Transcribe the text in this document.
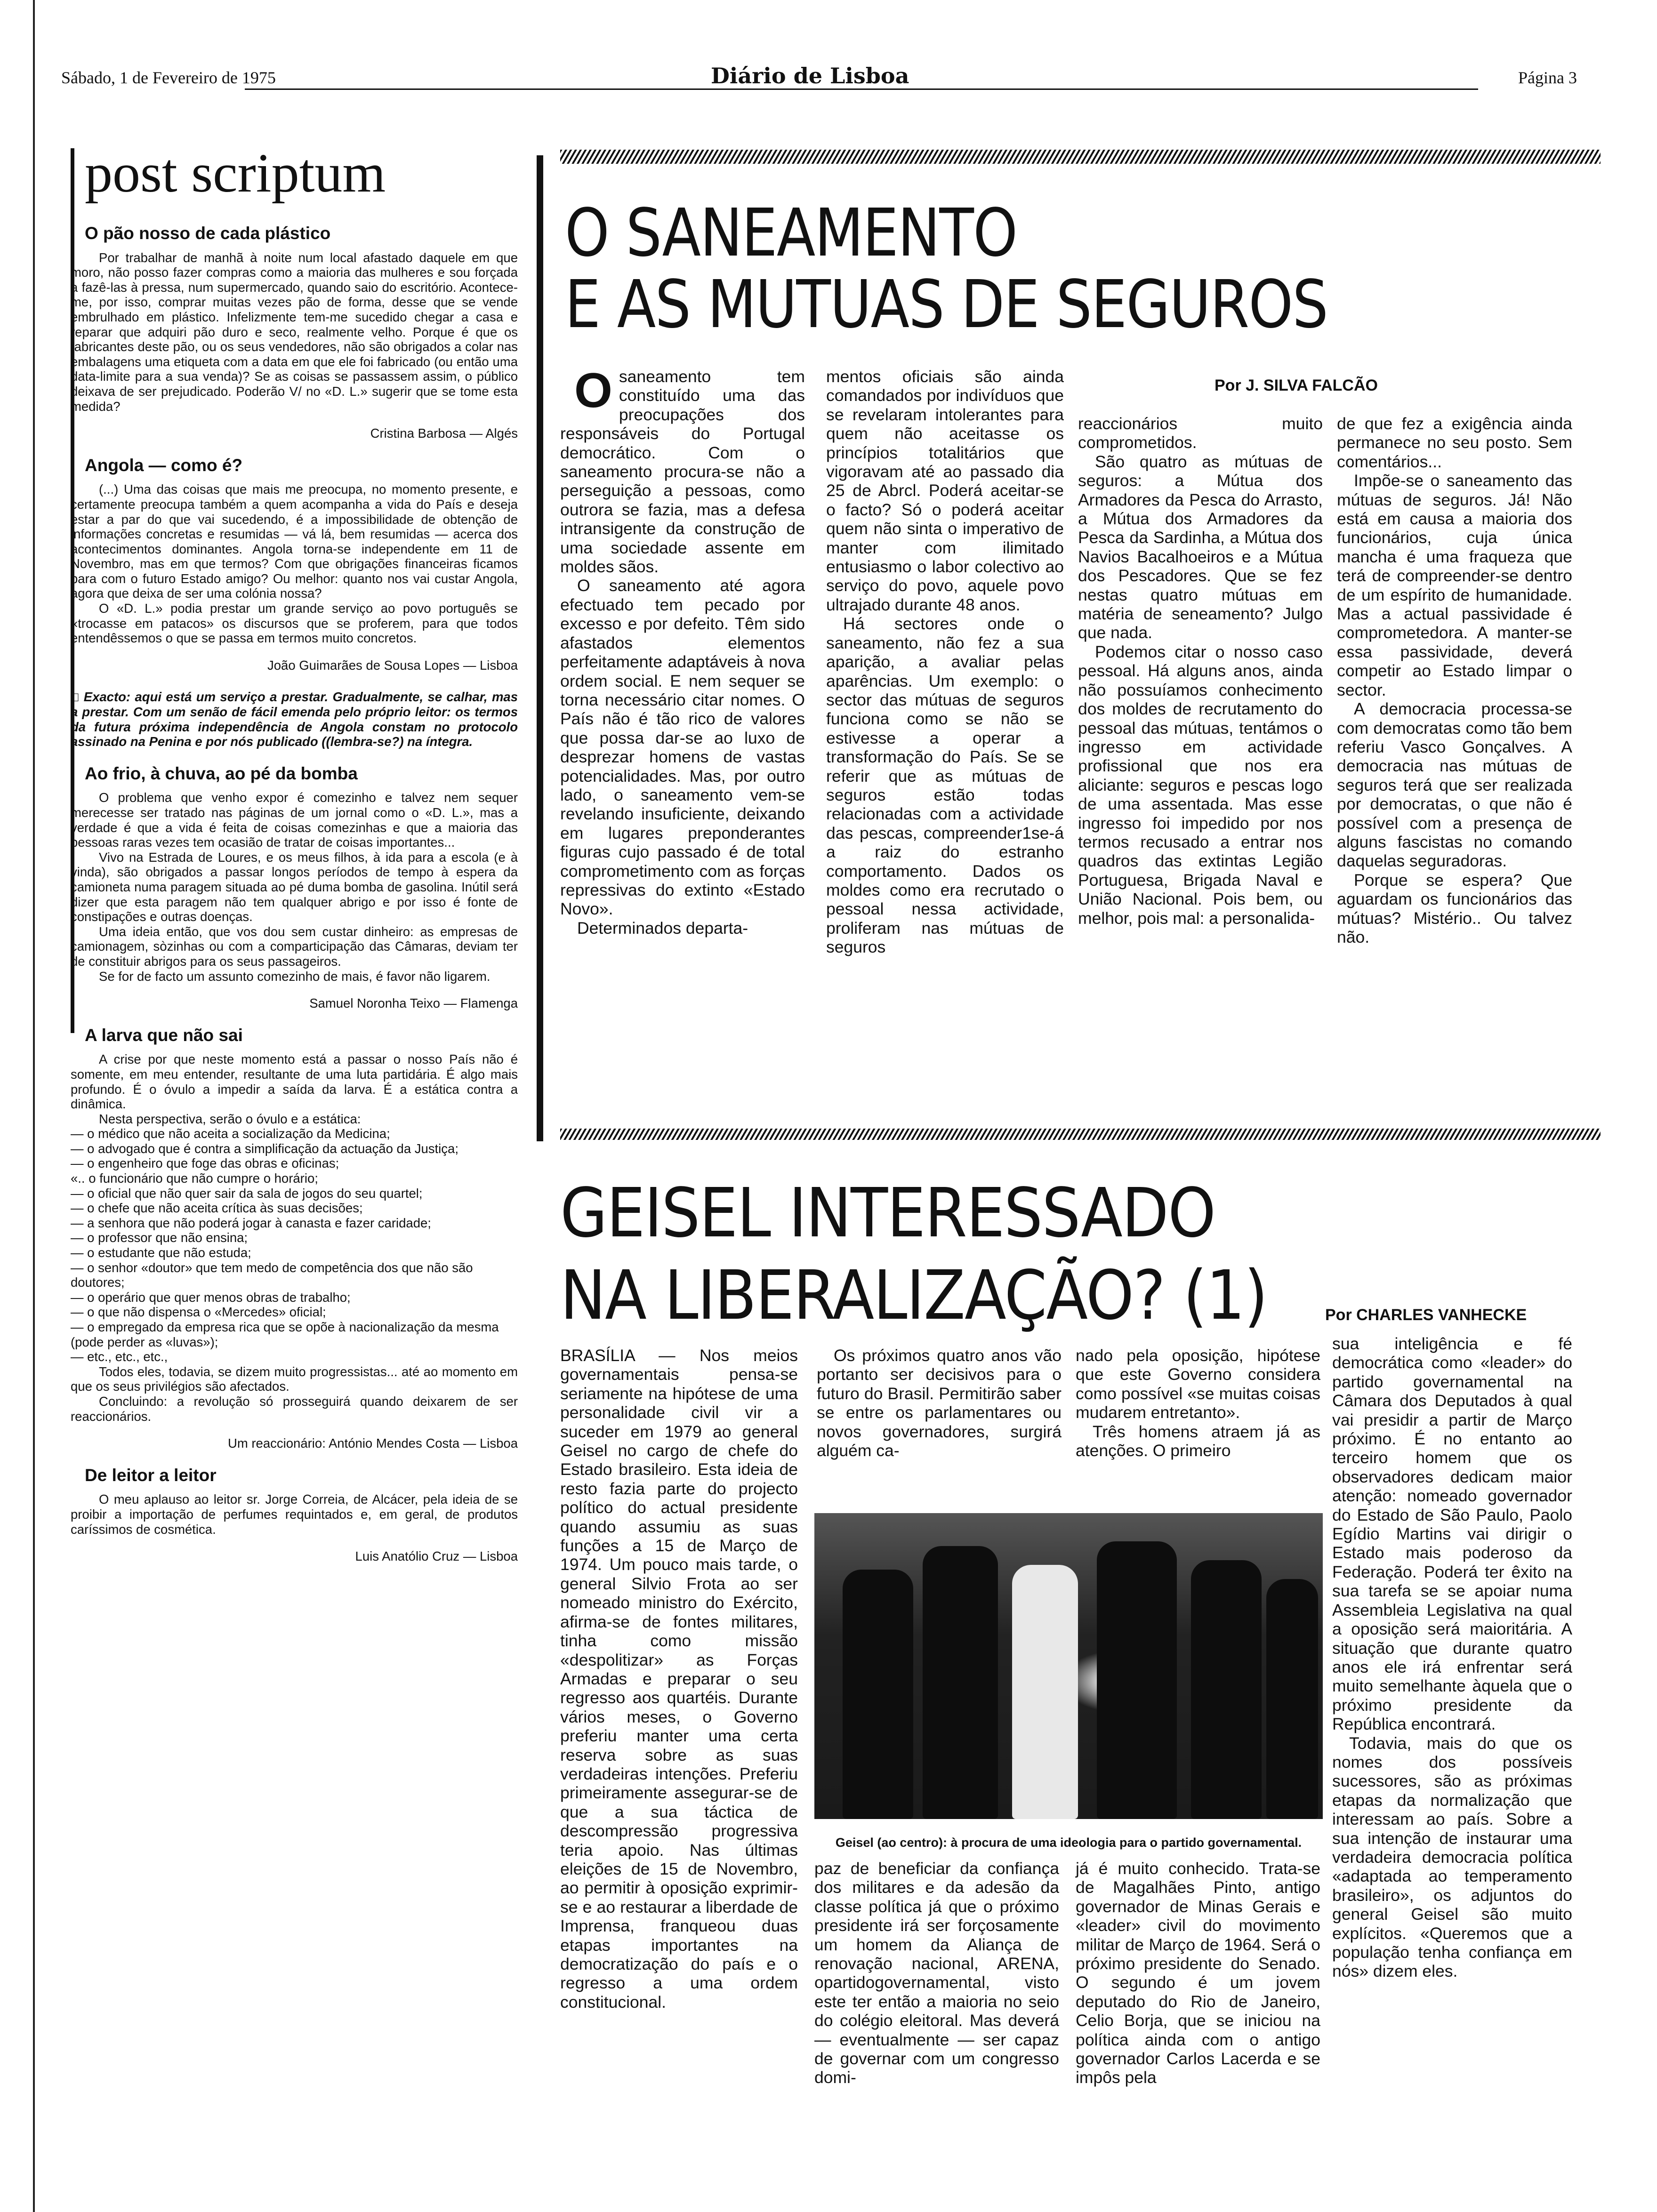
Sábado, 1 de Fevereiro de 1975	Diário de Lisboa	Página 3
post scriptum
O pão nosso de cada plástico

Por trabalhar de manhã à noite num local afastado daquele em que moro, não posso fazer compras como a maioria das mulheres e sou forçada a fazê-las à pressa, num supermercado, quando saio do escritório. Acontece-me, por isso, comprar muitas vezes pão de forma, desse que se vende embrulhado em plástico. Infelizmente tem-me sucedido chegar a casa e reparar que adquiri pão duro e seco, realmente velho. Porque é que os fabricantes deste pão, ou os seus vendedores, não são obrigados a colar nas embalagens uma etiqueta com a data em que ele foi fabricado (ou então uma data-limite para a sua venda)? Se as coisas se passassem assim, o público deixava de ser prejudicado. Poderão V/ no «D. L.» sugerir que se tome esta medida?

Cristina Barbosa — Algés

Angola — como é?

(...) Uma das coisas que mais me preocupa, no momento presente, e certamente preocupa também a quem acompanha a vida do País e deseja estar a par do que vai sucedendo, é a impossibilidade de obtenção de informações concretas e resumidas — vá lá, bem resumidas — acerca dos acontecimentos dominantes. Angola torna-se independente em 11 de Novembro, mas em que termos? Com que obrigações financeiras ficamos para com o futuro Estado amigo? Ou melhor: quanto nos vai custar Angola, agora que deixa de ser uma colónia nossa?

O «D. L.» podia prestar um grande serviço ao povo português se «trocasse em patacos» os discursos que se proferem, para que todos entendêssemos o que se passa em termos muito concretos.

João Guimarães de Sousa Lopes — Lisboa

□ Exacto: aqui está um serviço a prestar. Gradualmente, se calhar, mas a prestar. Com um senão de fácil emenda pelo próprio leitor: os termos da futura próxima independência de Angola constam no protocolo assinado na Penina e por nós publicado ((lembra-se?) na íntegra.

Ao frio, à chuva, ao pé da bomba

O problema que venho expor é comezinho e talvez nem sequer merecesse ser tratado nas páginas de um jornal como o «D. L.», mas a verdade é que a vida é feita de coisas comezinhas e que a maioria das pessoas raras vezes tem ocasião de tratar de coisas importantes...

Vivo na Estrada de Loures, e os meus filhos, à ida para a escola (e à vinda), são obrigados a passar longos períodos de tempo à espera da camioneta numa paragem situada ao pé duma bomba de gasolina. Inútil será dizer que esta paragem não tem qualquer abrigo e por isso é fonte de constipações e outras doenças.

Uma ideia então, que vos dou sem custar dinheiro: as empresas de camionagem, sòzinhas ou com a comparticipação das Câmaras, deviam ter de constituir abrigos para os seus passageiros.

Se for de facto um assunto comezinho de mais, é favor não ligarem.

Samuel Noronha Teixo — Flamenga

A larva que não sai

A crise por que neste momento está a passar o nosso País não é somente, em meu entender, resultante de uma luta partidária. É algo mais profundo. É o óvulo a impedir a saída da larva. É a estática contra a dinâmica.

Nesta perspectiva, serão o óvulo e a estática:

— o médico que não aceita a socialização da Medicina;
— o advogado que é contra a simplificação da actuação da Justiça;
— o engenheiro que foge das obras e oficinas;
«.. o funcionário que não cumpre o horário;
— o oficial que não quer sair da sala de jogos do seu quartel;
— o chefe que não aceita crítica às suas decisões;
— a senhora que não poderá jogar à canasta e fazer caridade;
— o professor que não ensina;
— o estudante que não estuda;
— o senhor «doutor» que tem medo de competência dos que não são doutores;
— o operário que quer menos obras de trabalho;
— o que não dispensa o «Mercedes» oficial;
— o empregado da empresa rica que se opõe à nacionalização da mesma (pode perder as «luvas»);
— etc., etc., etc.,

Todos eles, todavia, se dizem muito progressistas... até ao momento em que os seus privilégios são afectados.

Concluindo: a revolução só prosseguirá quando deixarem de ser reaccionários.

Um reaccionário: António Mendes Costa — Lisboa

De leitor a leitor

O meu aplauso ao leitor sr. Jorge Correia, de Alcácer, pela ideia de se proibir a importação de perfumes requintados e, em geral, de produtos caríssimos de cosmética.

Luis Anatólio Cruz — Lisboa

O SANEAMENTO
E AS MUTUAS DE SEGUROS
Por J. SILVA FALCÃO
O saneamento tem constituído uma das preocupações dos responsáveis do Portugal democrático. Com o saneamento procura-se não a perseguição a pessoas, como outrora se fazia, mas a defesa intransigente da construção de uma sociedade assente em moldes sãos.

O saneamento até agora efectuado tem pecado por excesso e por defeito. Têm sido afastados elementos perfeitamente adaptáveis à nova ordem social. E nem sequer se torna necessário citar nomes. O País não é tão rico de valores que possa dar-se ao luxo de desprezar homens de vastas potencialidades. Mas, por outro lado, o saneamento vem-se revelando insuficiente, deixando em lugares preponderantes figuras cujo passado é de total comprometimento com as forças repressivas do extinto «Estado Novo».

Determinados departa-

mentos oficiais são ainda comandados por indivíduos que se revelaram intolerantes para quem não aceitasse os princípios totalitários que vigoravam até ao passado dia 25 de Abrcl. Poderá aceitar-se o facto? Só o poderá aceitar quem não sinta o imperativo de manter com ilimitado entusiasmo o labor colectivo ao serviço do povo, aquele povo ultrajado durante 48 anos.

Há sectores onde o saneamento, não fez a sua aparição, a avaliar pelas aparências. Um exemplo: o sector das mútuas de seguros funciona como se não se estivesse a operar a transformação do País. Se se referir que as mútuas de seguros estão todas relacionadas com a actividade das pescas, compreender1se-á a raiz do estranho comportamento. Dados os moldes como era recrutado o pessoal nessa actividade, proliferam nas mútuas de seguros

reaccionários muito comprometidos.

São quatro as mútuas de seguros: a Mútua dos Armadores da Pesca do Arrasto, a Mútua dos Armadores da Pesca da Sardinha, a Mútua dos Navios Bacalhoeiros e a Mútua dos Pescadores. Que se fez nestas quatro mútuas em matéria de seneamento? Julgo que nada.

Podemos citar o nosso caso pessoal. Há alguns anos, ainda não possuíamos conhecimento dos moldes de recrutamento do pessoal das mútuas, tentámos o ingresso em actividade profissional que nos era aliciante: seguros e pescas logo de uma assentada. Mas esse ingresso foi impedido por nos termos recusado a entrar nos quadros das extintas Legião Portuguesa, Brigada Naval e União Nacional. Pois bem, ou melhor, pois mal: a personalida-

de que fez a exigência ainda permanece no seu posto. Sem comentários...

Impõe-se o saneamento das mútuas de seguros. Já! Não está em causa a maioria dos funcionários, cuja única mancha é uma fraqueza que terá de compreender-se dentro de um espírito de humanidade. Mas a actual passividade é comprometedora. A manter-se essa passividade, deverá competir ao Estado limpar o sector.

A democracia processa-se com democratas como tão bem referiu Vasco Gonçalves. A democracia nas mútuas de seguros terá que ser realizada por democratas, o que não é possível com a presença de alguns fascistas no comando daquelas seguradoras.

Porque se espera? Que aguardam os funcionários das mútuas? Mistério.. Ou talvez não.

GEISEL INTERESSADO
NA LIBERALIZAÇÃO? (1)	Por CHARLES VANHECKE

BRASÍLIA — Nos meios governamentais pensa-se seriamente na hipótese de uma personalidade civil vir a suceder em 1979 ao general Geisel no cargo de chefe do Estado brasileiro. Esta ideia de resto fazia parte do projecto político do actual presidente quando assumiu as suas funções a 15 de Março de 1974. Um pouco mais tarde, o general Silvio Frota ao ser nomeado ministro do Exército, afirma-se de fontes militares, tinha como missão «despolitizar» as Forças Armadas e preparar o seu regresso aos quartéis. Durante vários meses, o Governo preferiu manter uma certa reserva sobre as suas verdadeiras intenções. Preferiu primeiramente assegurar-se de que a sua táctica de descompressão progressiva teria apoio. Nas últimas eleições de 15 de Novembro, ao permitir à oposição exprimir-se e ao restaurar a liberdade de Imprensa, franqueou duas etapas importantes na democratização do país e o regresso a uma ordem constitucional.

Os próximos quatro anos vão portanto ser decisivos para o futuro do Brasil. Permitirão saber se entre os parlamentares ou novos governadores, surgirá alguém ca-

nado pela oposição, hipótese que este Governo considera como possível «se muitas coisas mudarem entretanto».

Três homens atraem já as atenções. O primeiro

Geisel (ao centro): à procura de uma ideologia para o partido governamental.

paz de beneficiar da confiança dos militares e da adesão da classe política já que o próximo presidente irá ser forçosamente um homem da Aliança de renovação nacional, ARENA, opartidogovernamental, visto este ter então a maioria no seio do colégio eleitoral. Mas deverá — eventualmente — ser capaz de governar com um congresso domi-

já é muito conhecido. Trata-se de Magalhães Pinto, antigo governador de Minas Gerais e «leader» civil do movimento militar de Março de 1964. Será o próximo presidente do Senado. O segundo é um jovem deputado do Rio de Janeiro, Celio Borja, que se iniciou na política ainda com o antigo governador Carlos Lacerda e se impôs pela

sua inteligência e fé democrática como «leader» do partido governamental na Câmara dos Deputados à qual vai presidir a partir de Março próximo. É no entanto ao terceiro homem que os observadores dedicam maior atenção: nomeado governador do Estado de São Paulo, Paolo Egídio Martins vai dirigir o Estado mais poderoso da Federação. Poderá ter êxito na sua tarefa se se apoiar numa Assembleia Legislativa na qual a oposição será maioritária. A situação que durante quatro anos ele irá enfrentar será muito semelhante àquela que o próximo presidente da República encontrará.

Todavia, mais do que os nomes dos possíveis sucessores, são as próximas etapas da normalização que interessam ao país. Sobre a sua intenção de instaurar uma verdadeira democracia política «adaptada ao temperamento brasileiro», os adjuntos do general Geisel são muito explícitos. «Queremos que a população tenha confiança em nós» dizem eles.
